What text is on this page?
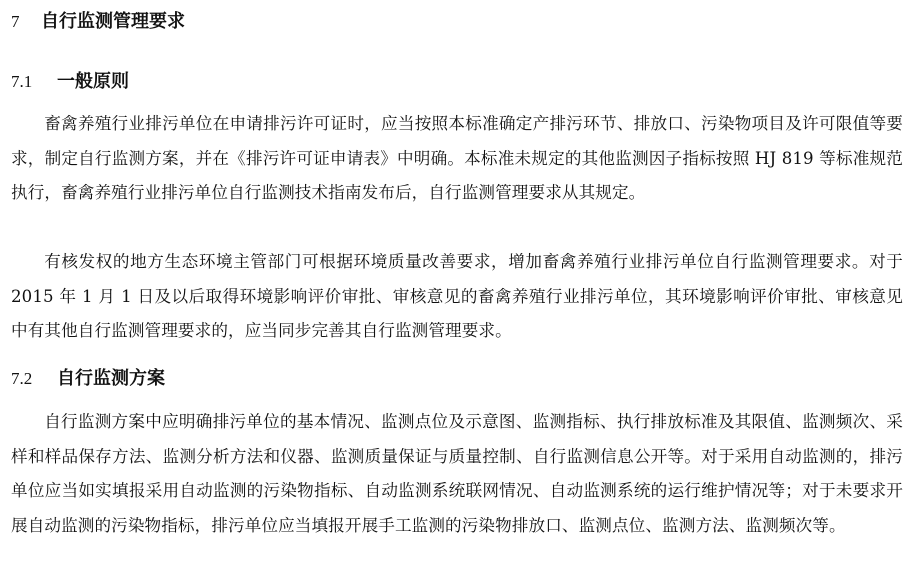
7 自行监测管理要求
7.1 一般原则

畜禽养殖行业排污单位在申请排污许可证时，应当按照本标准确定产排污环节、排放口、污染物项目及许可限值等要求，制定自行监测方案，并在《排污许可证申请表》中明确。本标准未规定的其他监测因子指标按照 HJ 819 等标准规范执行，畜禽养殖行业排污单位自行监测技术指南发布后，自行监测管理要求从其规定。

有核发权的地方生态环境主管部门可根据环境质量改善要求，增加畜禽养殖行业排污单位自行监测管理要求。对于 2015 年 1 月 1 日及以后取得环境影响评价审批、审核意见的畜禽养殖行业排污单位，其环境影响评价审批、审核意见中有其他自行监测管理要求的，应当同步完善其自行监测管理要求。

7.2 自行监测方案

自行监测方案中应明确排污单位的基本情况、监测点位及示意图、监测指标、执行排放标准及其限值、监测频次、采样和样品保存方法、监测分析方法和仪器、监测质量保证与质量控制、自行监测信息公开等。对于采用自动监测的，排污单位应当如实填报采用自动监测的污染物指标、自动监测系统联网情况、自动监测系统的运行维护情况等；对于未要求开展自动监测的污染物指标，排污单位应当填报开展手工监测的污染物排放口、监测点位、监测方法、监测频次等。
